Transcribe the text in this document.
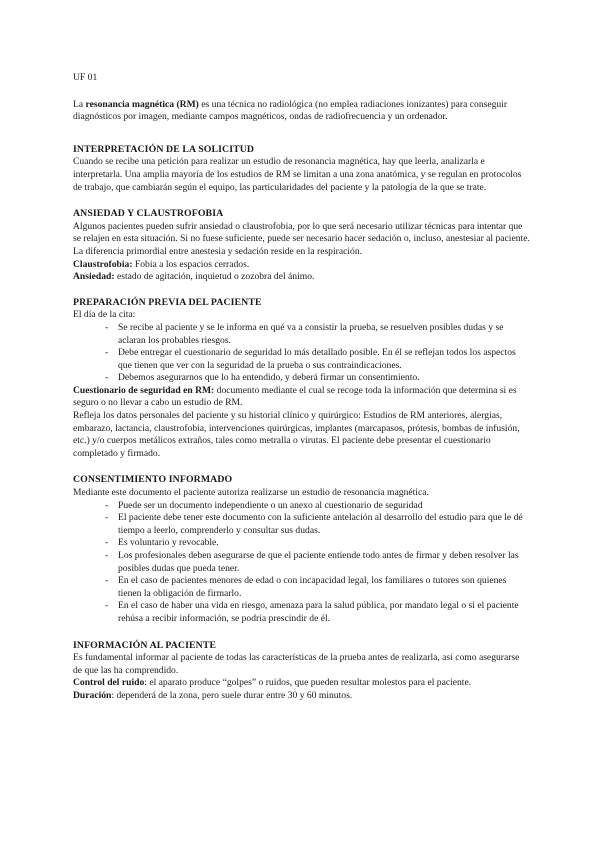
UF 01

La resonancia magnética (RM) es una técnica no radiológica (no emplea radiaciones ionizantes) para conseguir diagnósticos por imagen, mediante campos magnéticos, ondas de radiofrecuencia y un ordenador.

INTERPRETACIÓN DE LA SOLICITUD

Cuando se recibe una petición para realizar un estudio de resonancia magnética, hay que leerla, analizarla e interpretarla. Una amplia mayoría de los estudios de RM se limitan a una zona anatómica, y se regulan en protocolos de trabajo, que cambiarán según el equipo, las particularidades del paciente y la patología de la que se trate.

ANSIEDAD Y CLAUSTROFOBIA

Algunos pacientes pueden sufrir ansiedad o claustrofobia, por lo que será necesario utilizar técnicas para intentar que se relajen en esta situación. Si no fuese suficiente, puede ser necesario hacer sedación o, incluso, anestesiar al paciente. La diferencia primordial entre anestesia y sedación reside en la respiración.

Claustrofobia: Fobia a los espacios cerrados.

Ansiedad: estado de agitación, inquietud o zozobra del ánimo.

PREPARACIÓN PREVIA DEL PACIENTE

El día de la cita:

- Se recibe al paciente y se le informa en qué va a consistir la prueba, se resuelven posibles dudas y se aclaran los probables riesgos.
- Debe entregar el cuestionario de seguridad lo más detallado posible. En él se reflejan todos los aspectos que tienen que ver con la seguridad de la prueba o sus contraindicaciones.
- Debemos asegurarnos que lo ha entendido, y deberá firmar un consentimiento.

Cuestionario de seguridad en RM: documento mediante el cual se recoge toda la información que determina si es seguro o no llevar a cabo un estudio de RM.

Refleja los datos personales del paciente y su historial clínico y quirúrgico: Estudios de RM anteriores, alergias, embarazo, lactancia, claustrofobia, intervenciones quirúrgicas, implantes (marcapasos, prótesis, bombas de infusión, etc.) y/o cuerpos metálicos extraños, tales como metralla o virutas. El paciente debe presentar el cuestionario completado y firmado.

CONSENTIMIENTO INFORMADO

Mediante este documento el paciente autoriza realizarse un estudio de resonancia magnética.

- Puede ser un documento independiente o un anexo al cuestionario de seguridad
- El paciente debe tener este documento con la suficiente antelación al desarrollo del estudio para que le dé tiempo a leerlo, comprenderlo y consultar sus dudas.
- Es voluntario y revocable.
- Los profesionales deben asegurarse de que el paciente entiende todo antes de firmar y deben resolver las posibles dudas que pueda tener.
- En el caso de pacientes menores de edad o con incapacidad legal, los familiares o tutores son quienes tienen la obligación de firmarlo.
- En el caso de haber una vida en riesgo, amenaza para la salud pública, por mandato legal o si el paciente rehúsa a recibir información, se podría prescindir de él.
INFORMACIÓN AL PACIENTE

Es fundamental informar al paciente de todas las características de la prueba antes de realizarla, así como asegurarse de que las ha comprendido.

Control del ruido: el aparato produce “golpes” o ruidos, que pueden resultar molestos para el paciente.

Duración: dependerá de la zona, pero suele durar entre 30 y 60 minutos.
